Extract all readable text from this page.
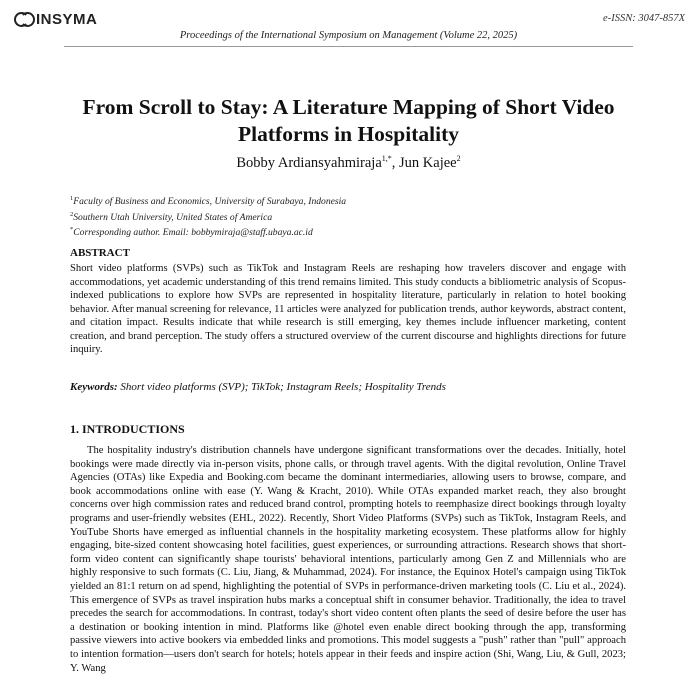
INSYMA	e-ISSN: 3047-857X
Proceedings of the International Symposium on Management (Volume 22, 2025)
From Scroll to Stay: A Literature Mapping of Short Video Platforms in Hospitality
Bobby Ardiansyahmiraja$^{1,*}$, Jun Kajee$^2$
$^1$Faculty of Business and Economics, University of Surabaya, Indonesia
$^2$Southern Utah University, United States of America
*Corresponding author. Email: bobbymiraja@staff.ubaya.ac.id
ABSTRACT
Short video platforms (SVPs) such as TikTok and Instagram Reels are reshaping how travelers discover and engage with accommodations, yet academic understanding of this trend remains limited. This study conducts a bibliometric analysis of Scopus-indexed publications to explore how SVPs are represented in hospitality literature, particularly in relation to hotel booking behavior. After manual screening for relevance, 11 articles were analyzed for publication trends, author keywords, abstract content, and citation impact. Results indicate that while research is still emerging, key themes include influencer marketing, content creation, and brand perception. The study offers a structured overview of the current discourse and highlights directions for future inquiry.
Keywords: Short video platforms (SVP); TikTok; Instagram Reels; Hospitality Trends
1. INTRODUCTIONS

The hospitality industry's distribution channels have undergone significant transformations over the decades. Initially, hotel bookings were made directly via in-person visits, phone calls, or through travel agents. With the digital revolution, Online Travel Agencies (OTAs) like Expedia and Booking.com became the dominant intermediaries, allowing users to browse, compare, and book accommodations online with ease (Y. Wang & Kracht, 2010). While OTAs expanded market reach, they also brought concerns over high commission rates and reduced brand control, prompting hotels to reemphasize direct bookings through loyalty programs and user-friendly websites (EHL, 2022). Recently, Short Video Platforms (SVPs) such as TikTok, Instagram Reels, and YouTube Shorts have emerged as influential channels in the hospitality marketing ecosystem. These platforms allow for highly engaging, bite-sized content showcasing hotel facilities, guest experiences, or surrounding attractions. Research shows that short-form video content can significantly shape tourists' behavioral intentions, particularly among Gen Z and Millennials who are highly responsive to such formats (C. Liu, Jiang, & Muhammad, 2024). For instance, the Equinox Hotel's campaign using TikTok yielded an 81:1 return on ad spend, highlighting the potential of SVPs in performance-driven marketing tools (C. Liu et al., 2024). This emergence of SVPs as travel inspiration hubs marks a conceptual shift in consumer behavior. Traditionally, the idea to travel precedes the search for accommodations. In contrast, today's short video content often plants the seed of desire before the user has a destination or booking intention in mind. Platforms like @hotel even enable direct booking through the app, transforming passive viewers into active bookers via embedded links and promotions. This model suggests a "push" rather than "pull" approach to intention formation—users don't search for hotels; hotels appear in their feeds and inspire action (Shi, Wang, Liu, & Gull, 2023; Y. Wang
